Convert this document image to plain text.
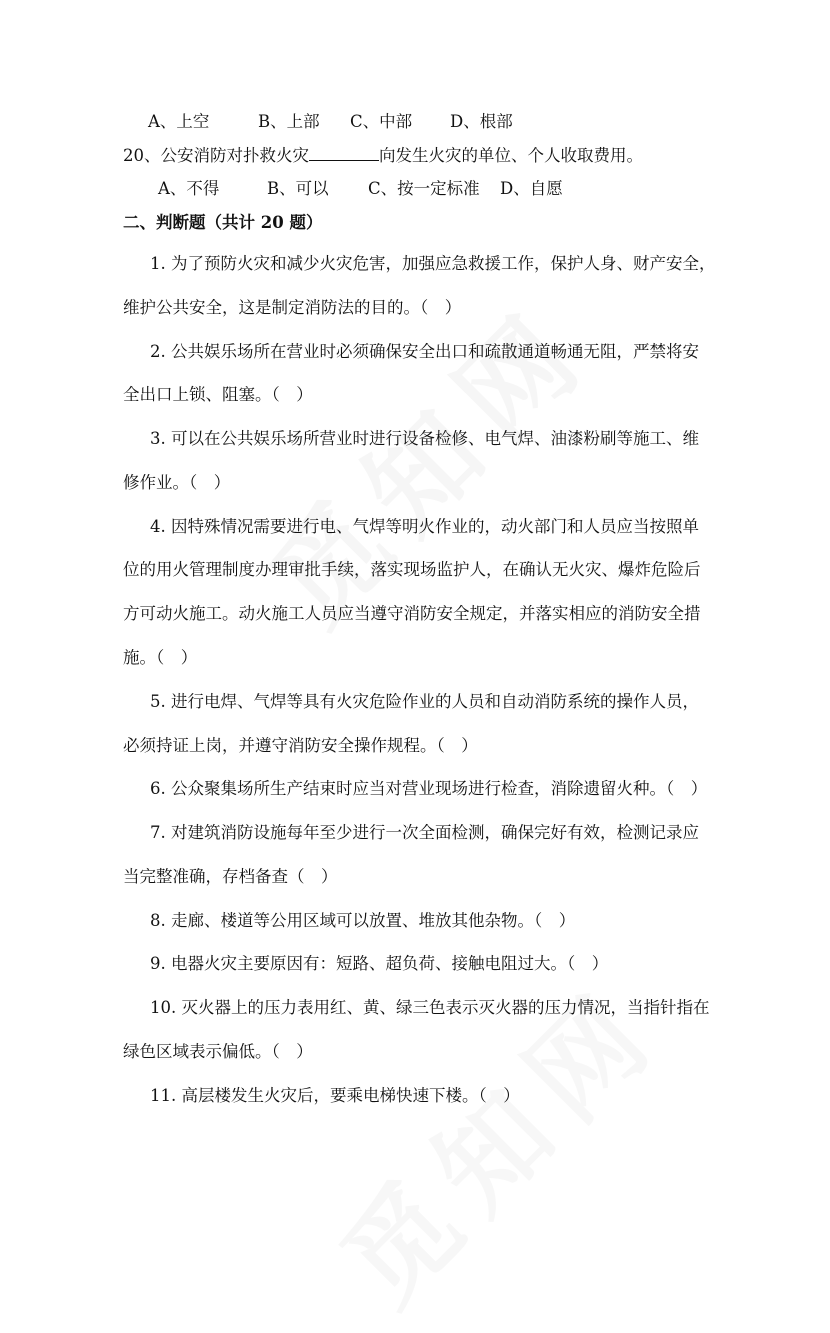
A、上空	B、上部 C、中部 D、根部
20、公安消防对扑救火灾	向发生火灾的单位、个人收取费用。
A、不得	B、可以 C、按一定标准 D、自愿
二、判断题（共计 20 题）
1. 为了预防火灾和减少火灾危害，加强应急救援工作，保护人身、财产安全，
维护公共安全，这是制定消防法的目的。（　）
2. 公共娱乐场所在营业时必须确保安全出口和疏散通道畅通无阻，严禁将安
全出口上锁、阻塞。（　）
3. 可以在公共娱乐场所营业时进行设备检修、电气焊、油漆粉刷等施工、维
修作业。（　）
4. 因特殊情况需要进行电、气焊等明火作业的，动火部门和人员应当按照单
位的用火管理制度办理审批手续，落实现场监护人，在确认无火灾、爆炸危险后
方可动火施工。动火施工人员应当遵守消防安全规定，并落实相应的消防安全措
施。（　）
5. 进行电焊、气焊等具有火灾危险作业的人员和自动消防系统的操作人员，
必须持证上岗，并遵守消防安全操作规程。（　）
6. 公众聚集场所生产结束时应当对营业现场进行检查，消除遗留火种。（　）
7. 对建筑消防设施每年至少进行一次全面检测，确保完好有效，检测记录应
当完整准确，存档备查（　）
8. 走廊、楼道等公用区域可以放置、堆放其他杂物。（　）
9. 电器火灾主要原因有：短路、超负荷、接触电阻过大。（　）
10. 灭火器上的压力表用红、黄、绿三色表示灭火器的压力情况，当指针指在
绿色区域表示偏低。（　）
11. 高层楼发生火灾后，要乘电梯快速下楼。（　）
